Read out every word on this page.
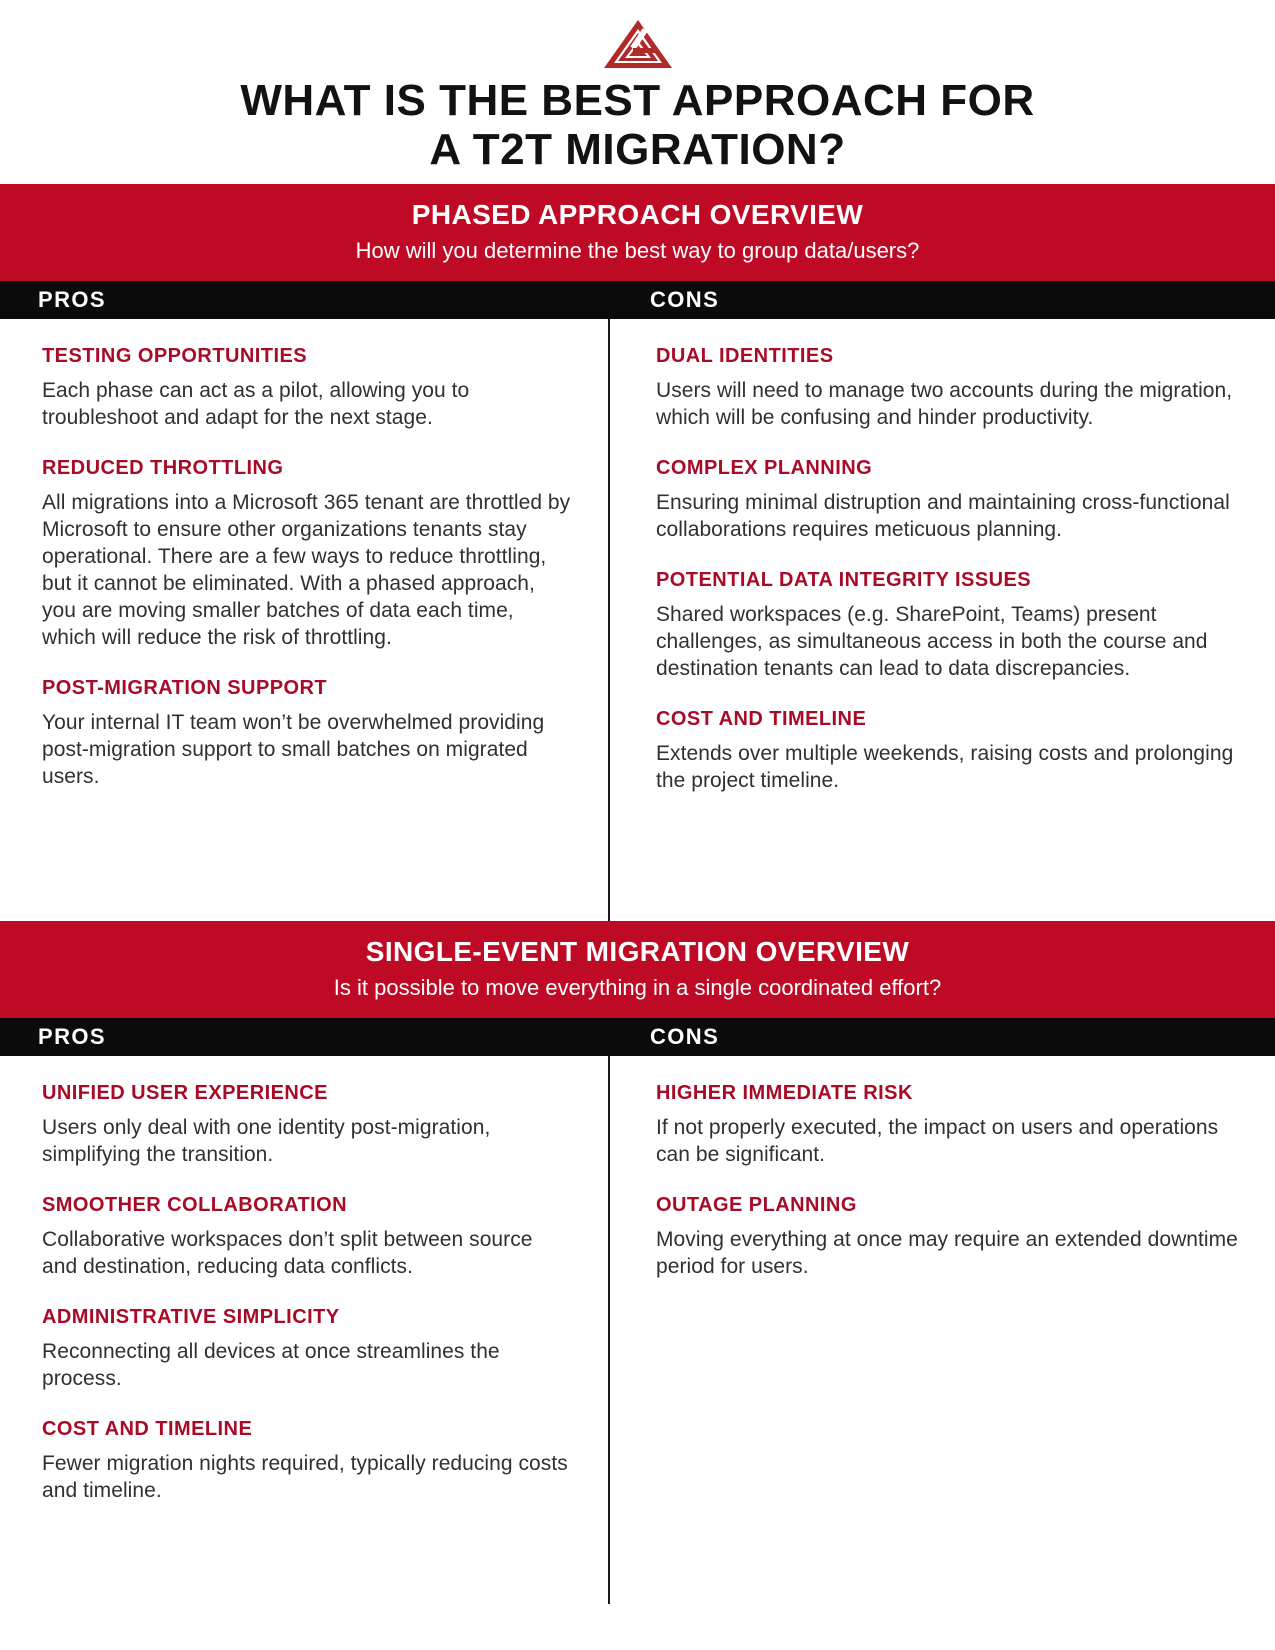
WHAT IS THE BEST APPROACH FOR
A T2T MIGRATION?
PHASED APPROACH OVERVIEW
How will you determine the best way to group data/users?
PROS	CONS
TESTING OPPORTUNITIES
Each phase can act as a pilot, allowing you to troubleshoot and adapt for the next stage.
REDUCED THROTTLING
All migrations into a Microsoft 365 tenant are throttled by Microsoft to ensure other organizations tenants stay operational. There are a few ways to reduce throttling, but it cannot be eliminated. With a phased approach, you are moving smaller batches of data each time, which will reduce the risk of throttling.
POST-MIGRATION SUPPORT
Your internal IT team won’t be overwhelmed providing post-migration support to small batches on migrated users.
DUAL IDENTITIES
Users will need to manage two accounts during the migration, which will be confusing and hinder productivity.
COMPLEX PLANNING
Ensuring minimal distruption and maintaining cross-functional collaborations requires meticuous planning.
POTENTIAL DATA INTEGRITY ISSUES
Shared workspaces (e.g. SharePoint, Teams) present challenges, as simultaneous access in both the course and destination tenants can lead to data discrepancies.
COST AND TIMELINE
Extends over multiple weekends, raising costs and prolonging the project timeline.
SINGLE-EVENT MIGRATION OVERVIEW
Is it possible to move everything in a single coordinated effort?
PROS	CONS
UNIFIED USER EXPERIENCE
Users only deal with one identity post-migration, simplifying the transition.
SMOOTHER COLLABORATION
Collaborative workspaces don’t split between source and destination, reducing data conflicts.
ADMINISTRATIVE SIMPLICITY
Reconnecting all devices at once streamlines the process.
COST AND TIMELINE
Fewer migration nights required, typically reducing costs and timeline.
HIGHER IMMEDIATE RISK
If not properly executed, the impact on users and operations can be significant.
OUTAGE PLANNING
Moving everything at once may require an extended downtime period for users.
